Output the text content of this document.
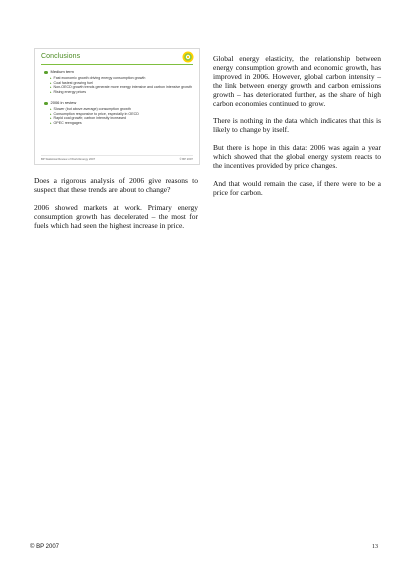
Conclusions
Medium term
▸ Fast economic growth driving energy consumption growth
▸ Coal fastest growing fuel
▸ Non-OECD growth trends generate more energy intensive and carbon intensive growth
▸ Rising energy prices
2006 in review
▸ Slower (but above average) consumption growth
▸ Consumption responsive to price, especially in OECD
▸ Rapid coal growth; carbon intensity increased
▸ OPEC reengages
BP Statistical Review of World Energy 2007	© BP 2007

Does a rigorous analysis of 2006 give reasons to suspect that these trends are about to change?

2006 showed markets at work. Primary energy consumption growth has decelerated – the most for fuels which had seen the highest increase in price.

Global energy elasticity, the relationship between energy consumption growth and economic growth, has improved in 2006. However, global carbon intensity – the link between energy growth and carbon emissions growth – has deteriorated further, as the share of high carbon economies continued to grow.

There is nothing in the data which indicates that this is likely to change by itself.

But there is hope in this data: 2006 was again a year which showed that the global energy system reacts to the incentives provided by price changes.

And that would remain the case, if there were to be a price for carbon.

© BP 2007	13
